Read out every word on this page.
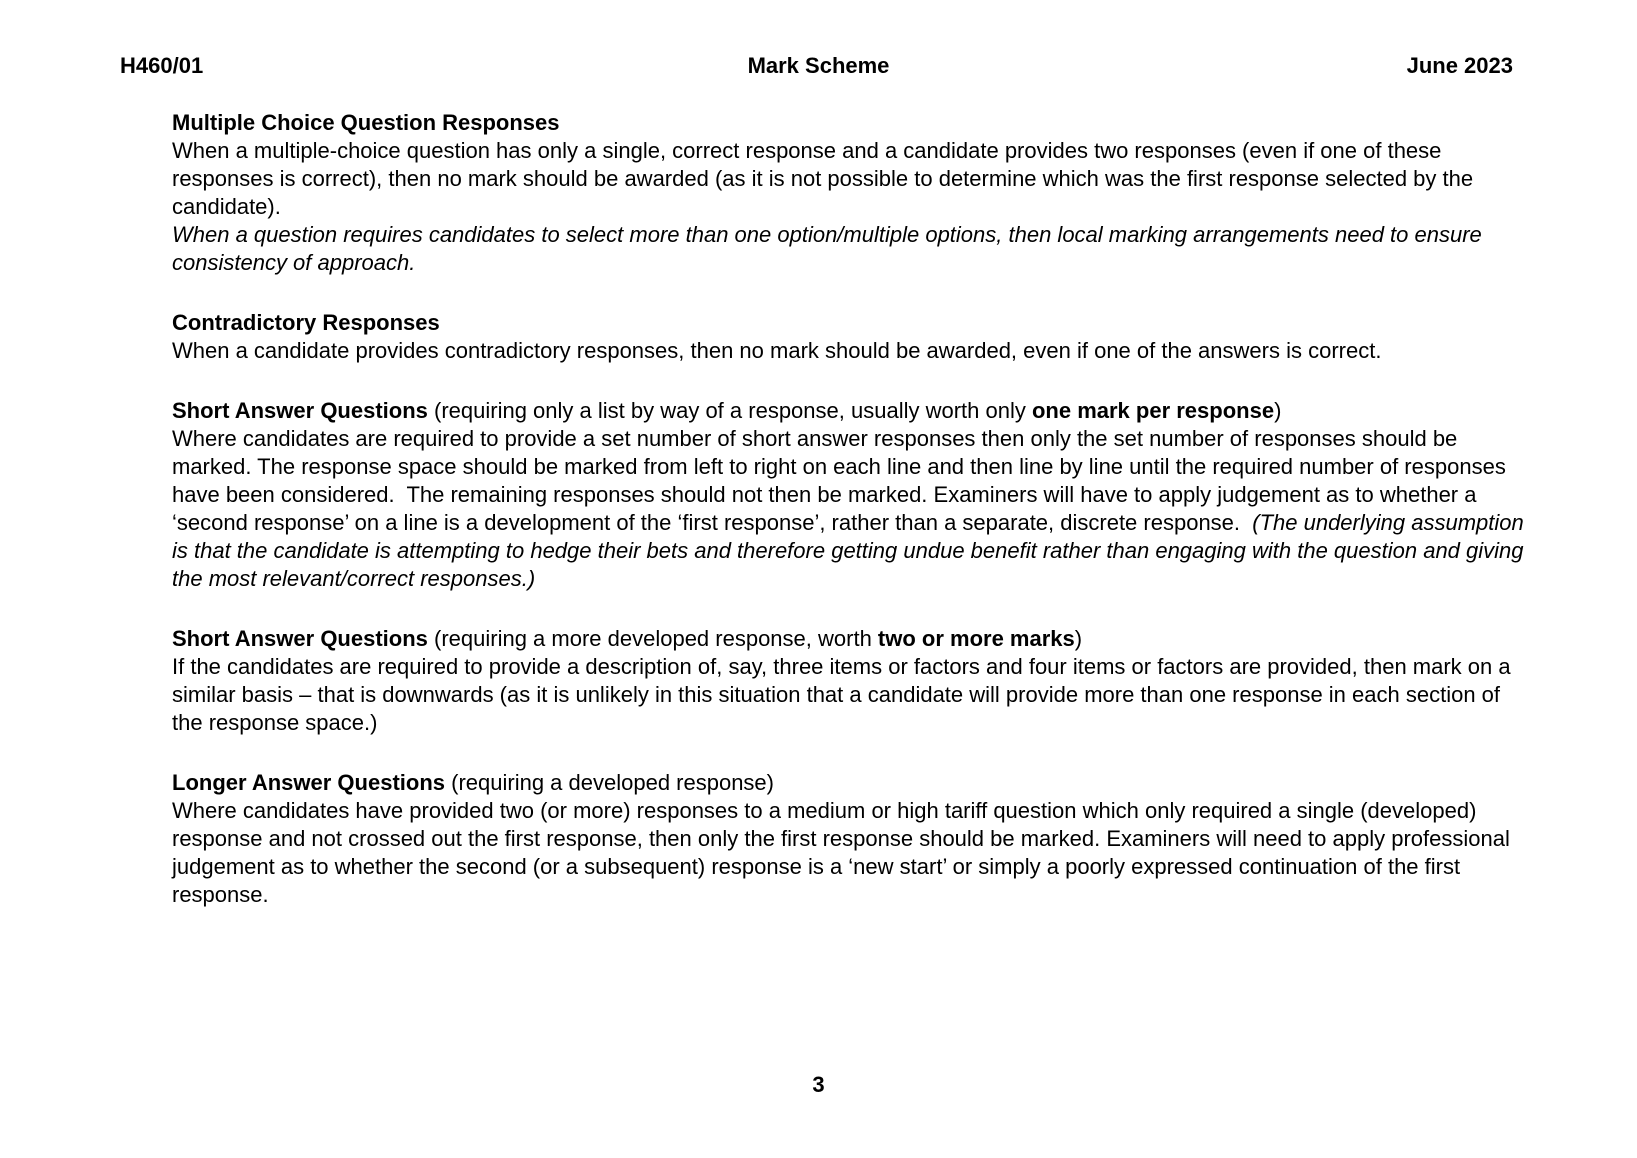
H460/01	June 2023
Mark Scheme

Multiple Choice Question Responses

When a multiple-choice question has only a single, correct response and a candidate provides two responses (even if one of these responses is correct), then no mark should be awarded (as it is not possible to determine which was the first response selected by the candidate).

When a question requires candidates to select more than one option/multiple options, then local marking arrangements need to ensure consistency of approach.

Contradictory Responses

When a candidate provides contradictory responses, then no mark should be awarded, even if one of the answers is correct.

Short Answer Questions (requiring only a list by way of a response, usually worth only one mark per response)

Where candidates are required to provide a set number of short answer responses then only the set number of responses should be marked. The response space should be marked from left to right on each line and then line by line until the required number of responses have been considered.  The remaining responses should not then be marked. Examiners will have to apply judgement as to whether a ‘second response’ on a line is a development of the ‘first response’, rather than a separate, discrete response.  (The underlying assumption is that the candidate is attempting to hedge their bets and therefore getting undue benefit rather than engaging with the question and giving the most relevant/correct responses.)

Short Answer Questions (requiring a more developed response, worth two or more marks)

If the candidates are required to provide a description of, say, three items or factors and four items or factors are provided, then mark on a similar basis – that is downwards (as it is unlikely in this situation that a candidate will provide more than one response in each section of the response space.)

Longer Answer Questions (requiring a developed response)

Where candidates have provided two (or more) responses to a medium or high tariff question which only required a single (developed) response and not crossed out the first response, then only the first response should be marked. Examiners will need to apply professional judgement as to whether the second (or a subsequent) response is a ‘new start’ or simply a poorly expressed continuation of the first response.

3
